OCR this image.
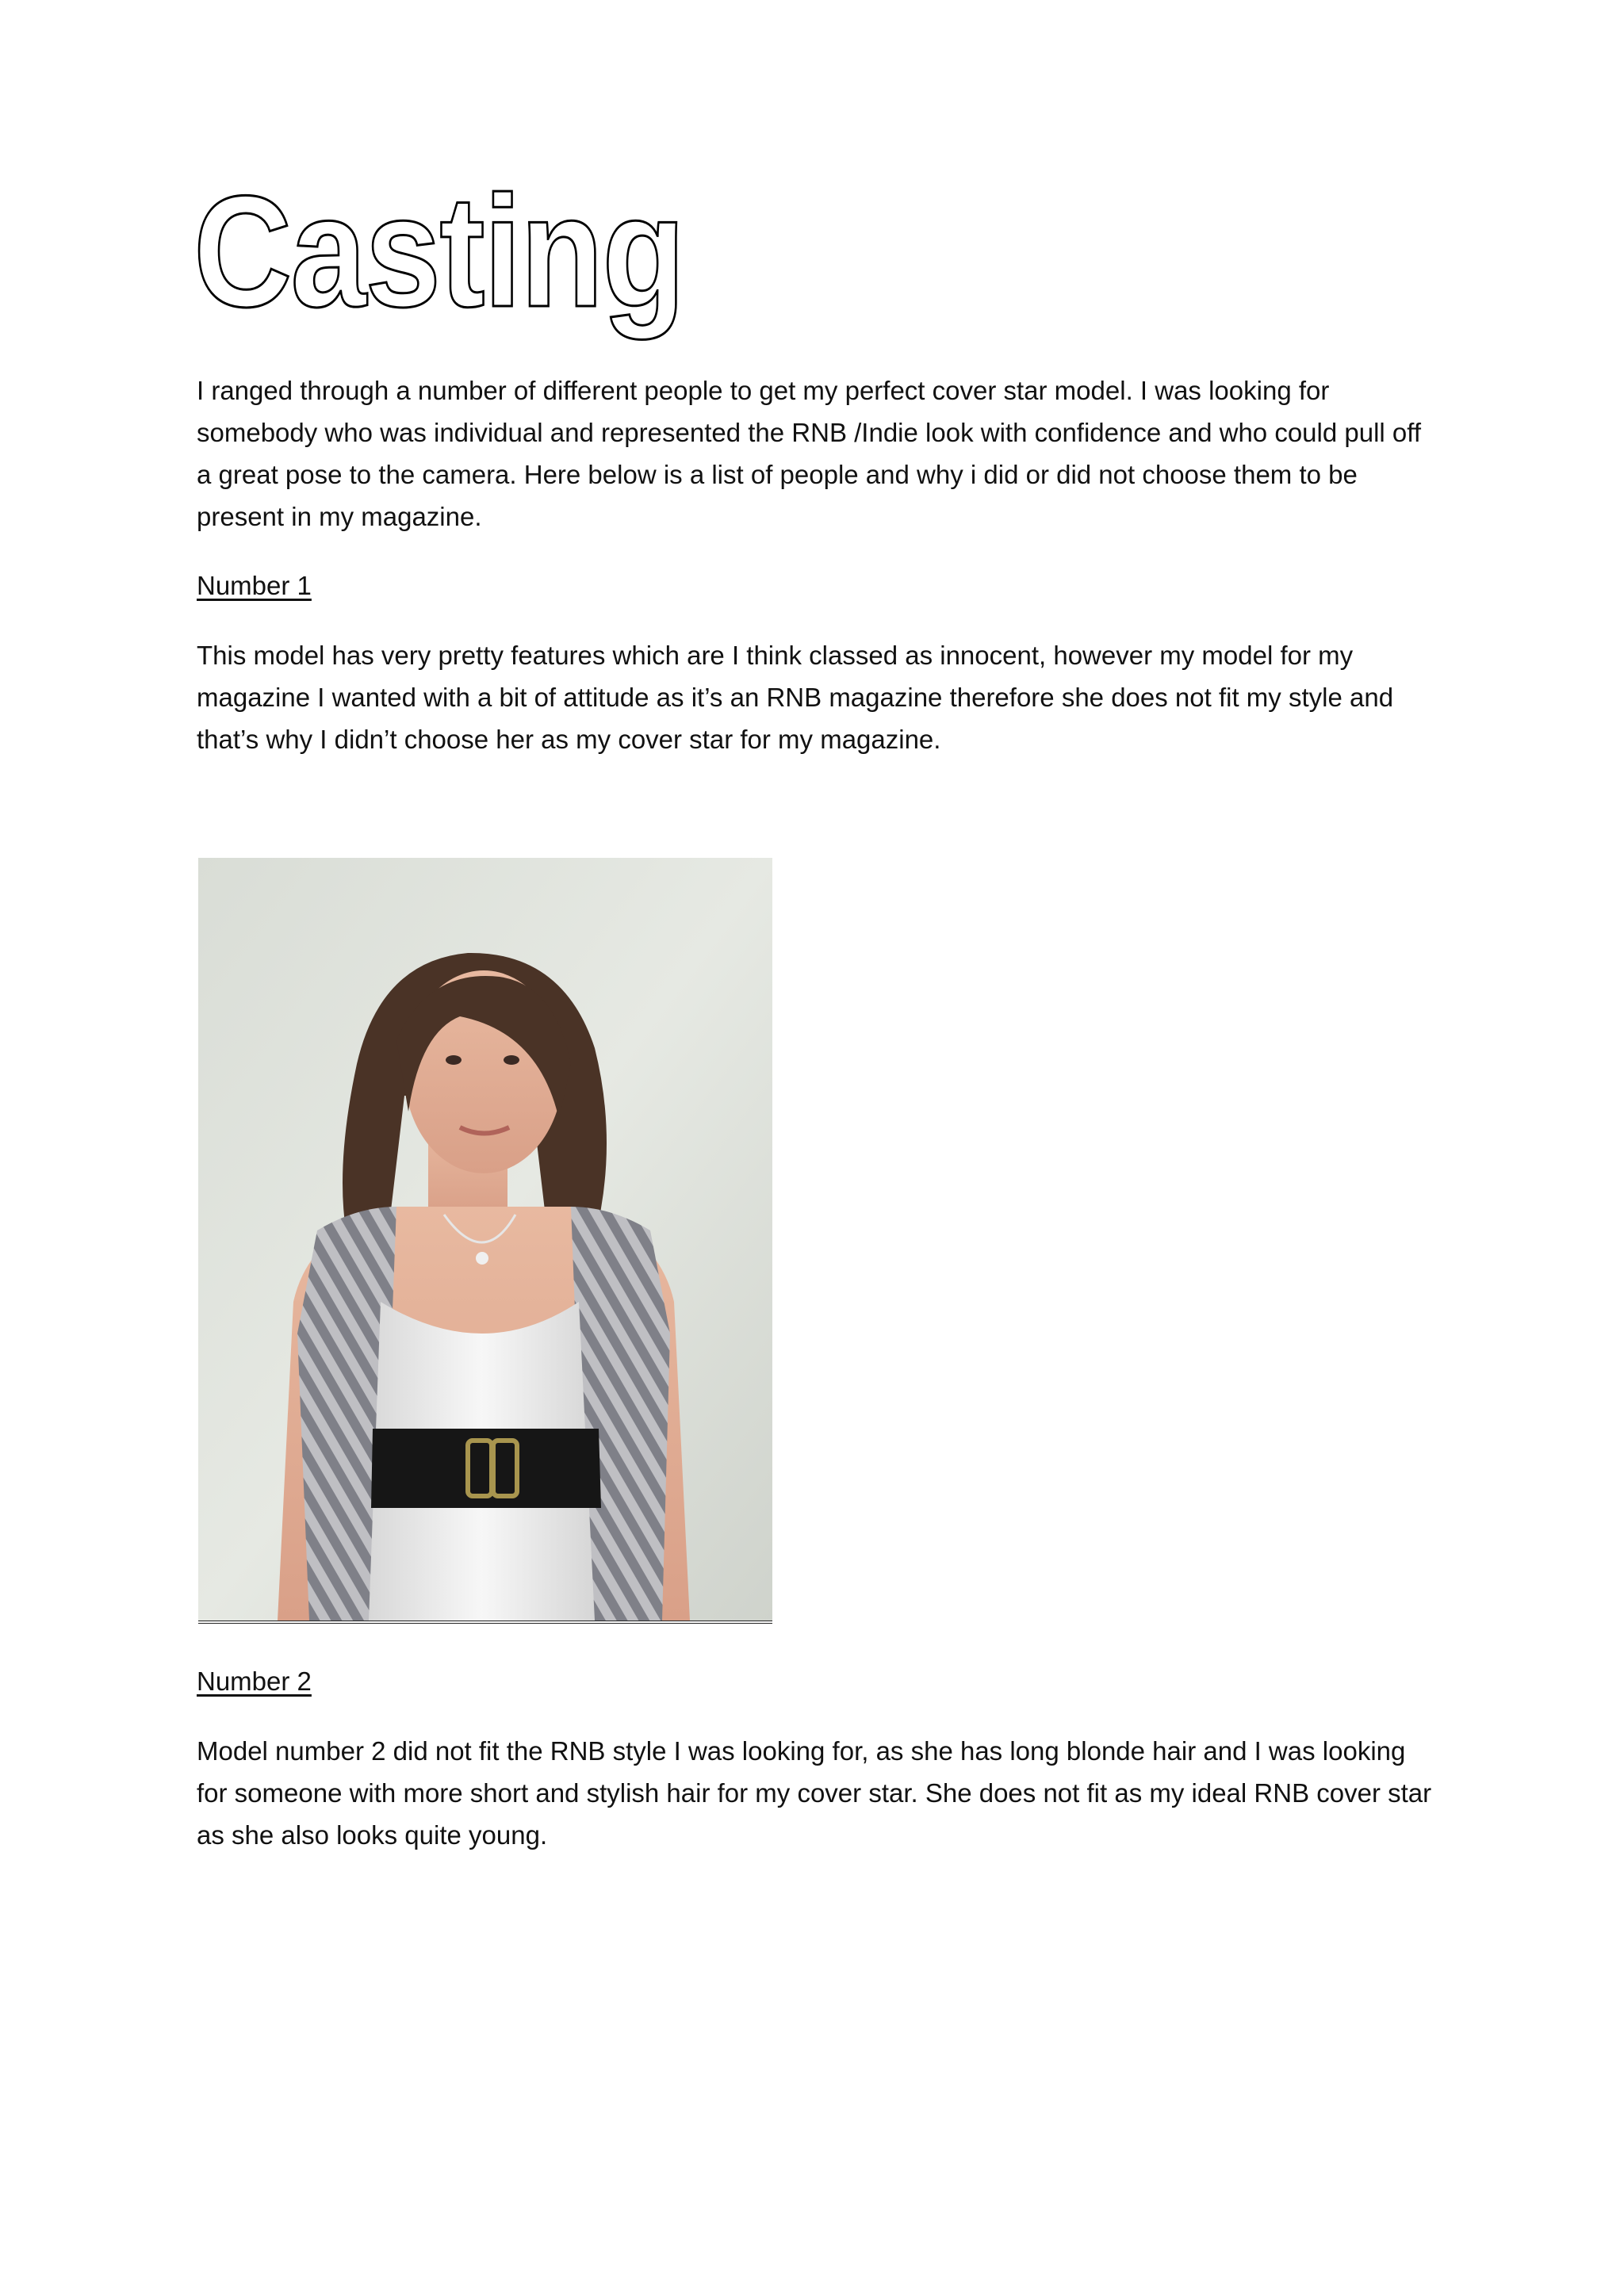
Casting

I ranged through a number of different people to get my perfect cover star model. I was looking for somebody who was individual and represented the RNB /Indie look with confidence and who could pull off a great pose to the camera. Here below is a list of people and why i did or did not choose them to be present in my magazine.

Number 1

This model has very pretty features which are I think classed as innocent, however my model for my magazine I wanted with a bit of attitude as it’s an RNB magazine therefore she does not fit my style and that’s why I didn’t choose her as my cover star for my magazine.

Number 2

Model number 2 did not fit the RNB style I was looking for, as she has long blonde hair and I was looking for someone with more short and stylish hair for my cover star. She does not fit as my ideal RNB cover star as she also looks quite young.
